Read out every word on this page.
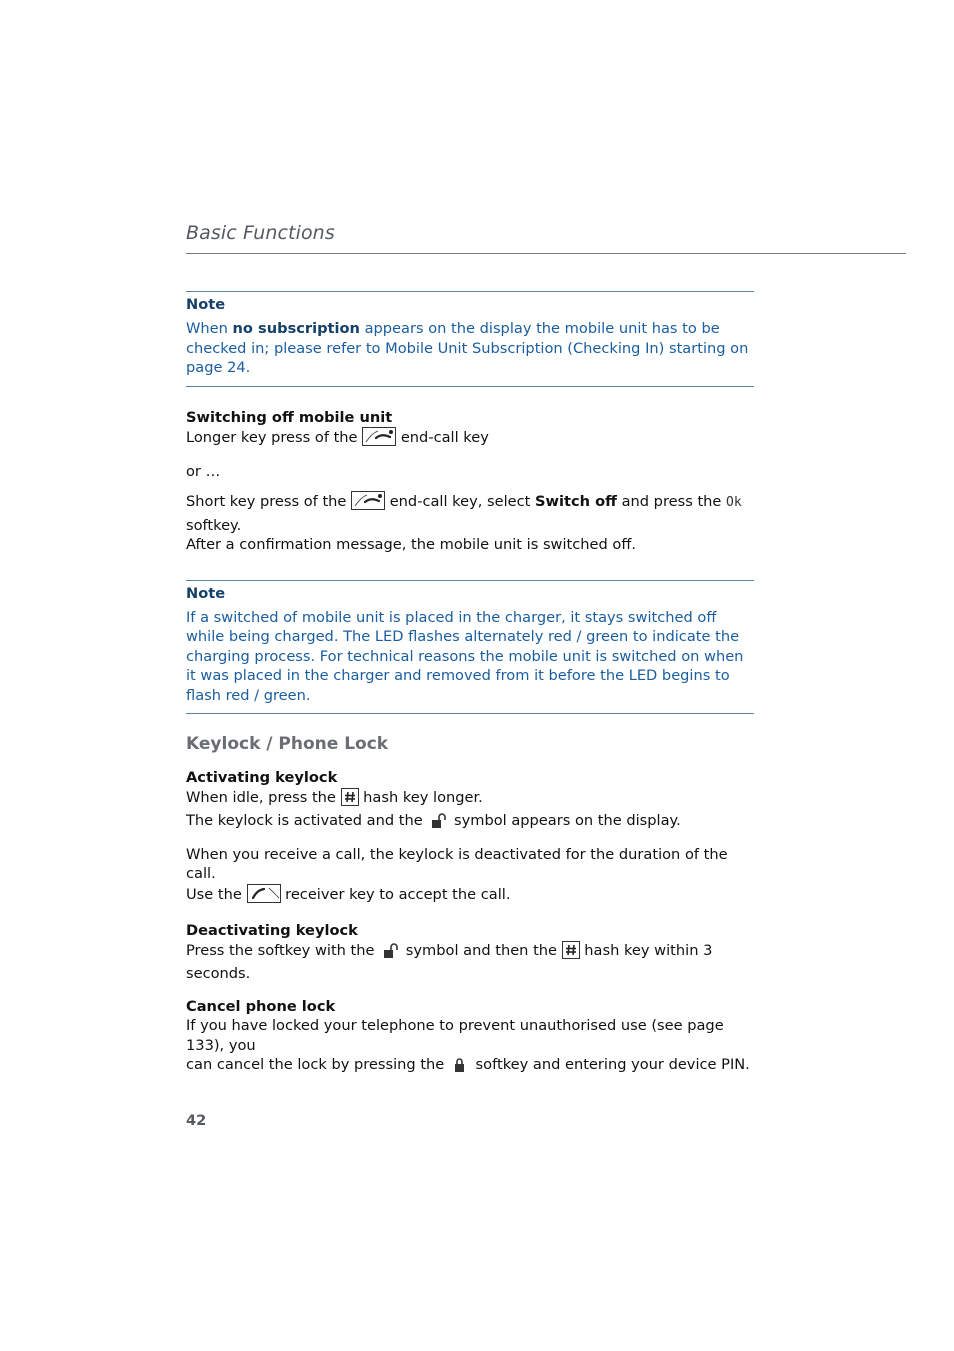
Basic Functions
Note

When no subscription appears on the display the mobile unit has to be checked in; please refer to Mobile Unit Subscription (Checking In) starting on page 24.

Switching off mobile unit

Longer key press of the  end-call key

or …

Short key press of the  end-call key, select Switch off and press the Ok softkey.

After a confirmation message, the mobile unit is switched off.

Note

If a switched of mobile unit is placed in the charger, it stays switched off while being charged. The LED flashes alternately red / green to indicate the charging process. For technical reasons the mobile unit is switched on when it was placed in the charger and removed from it before the LED begins to flash red / green.

Keylock / Phone Lock
Activating keylock

When idle, press the  hash key longer.

The keylock is activated and the  symbol appears on the display.

When you receive a call, the keylock is deactivated for the duration of the call.

Use the  receiver key to accept the call.

Deactivating keylock

Press the softkey with the  symbol and then the  hash key within 3 seconds.

Cancel phone lock

If you have locked your telephone to prevent unauthorised use (see page 133), you

can cancel the lock by pressing the  softkey and entering your device PIN.

42
